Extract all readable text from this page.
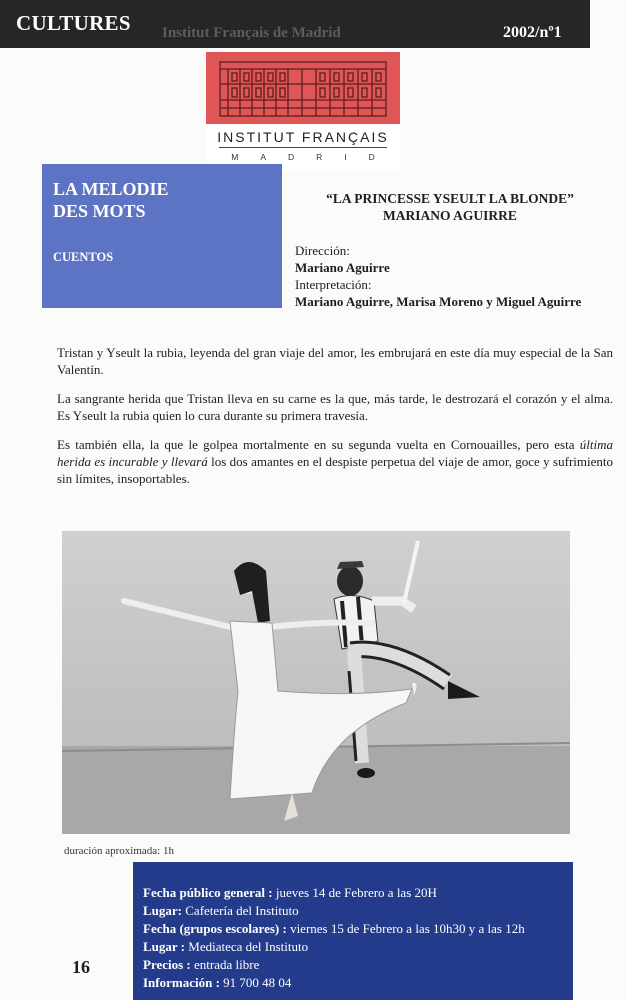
CULTURES Institut Français de Madrid	2002/nº1
INSTITUT FRANÇAIS
MADRID
LA MELODIE
DES MOTS
CUENTOS
“LA PRINCESSE YSEULT LA BLONDE”
MARIANO AGUIRRE
Dirección:
Mariano Aguirre
Interpretación:
Mariano Aguirre, Marisa Moreno y Miguel Aguirre

Tristan y Yseult la rubia, leyenda del gran viaje del amor, les embrujará en este día muy especial de la San Valentín.

La sangrante herida que Tristan lleva en su carne es la que, más tarde, le destrozará el corazón y el alma. Es Yseult la rubia quien lo cura durante su primera travesía.

Es también ella, la que le golpea mortalmente en su segunda vuelta en Cornouailles, pero esta última herida es incurable y llevará los dos amantes en el despiste perpetua del viaje de amor, goce y sufrimiento sin límites, insoportables.

duración aproximada: 1h
Fecha público general : jueves 14 de Febrero a las 20H
Lugar: Cafetería del Instituto
Fecha (grupos escolares) : viernes 15 de Febrero a las 10h30 y a las 12h
Lugar : Mediateca del Instituto
Precios : entrada libre
Información : 91 700 48 04
16
